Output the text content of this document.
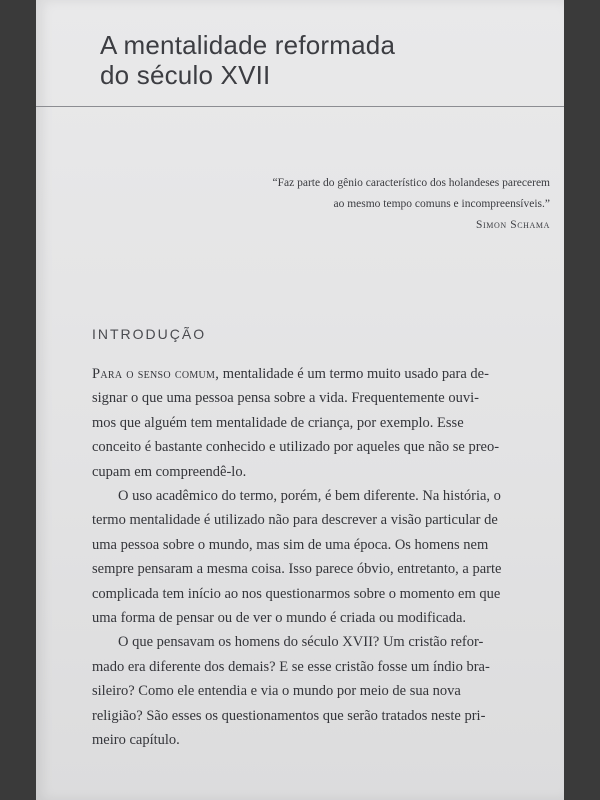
A mentalidade reformada
do século XVII
“Faz parte do gênio característico dos holandeses parecerem
ao mesmo tempo comuns e incompreensíveis.”
Simon Schama
INTRODUÇÃO

Para o senso comum, mentalidade é um termo muito usado para de-
signar o que uma pessoa pensa sobre a vida. Frequentemente ouvi-
mos que alguém tem mentalidade de criança, por exemplo. Esse
conceito é bastante conhecido e utilizado por aqueles que não se preo-
cupam em compreendê-lo.

O uso acadêmico do termo, porém, é bem diferente. Na história, o
termo mentalidade é utilizado não para descrever a visão particular de
uma pessoa sobre o mundo, mas sim de uma época. Os homens nem
sempre pensaram a mesma coisa. Isso parece óbvio, entretanto, a parte
complicada tem início ao nos questionarmos sobre o momento em que
uma forma de pensar ou de ver o mundo é criada ou modificada.

O que pensavam os homens do século XVII? Um cristão refor-
mado era diferente dos demais? E se esse cristão fosse um índio bra-
sileiro? Como ele entendia e via o mundo por meio de sua nova
religião? São esses os questionamentos que serão tratados neste pri-
meiro capítulo.
